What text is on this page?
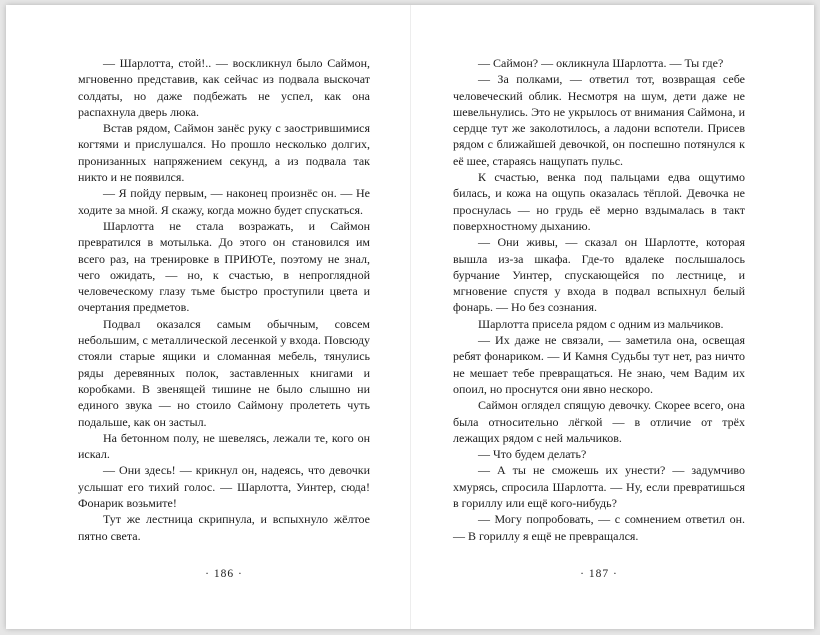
— Шарлотта, стой!.. — воскликнул было Саймон, мгновенно представив, как сейчас из подвала выскочат солдаты, но даже подбежать не успел, как она распахнула дверь люка.

Встав рядом, Саймон занёс руку с заострившимися когтями и прислушался. Но прошло несколько долгих, пронизанных напряжением секунд, а из подвала так никто и не появился.

— Я пойду первым, — наконец произнёс он. — Не ходите за мной. Я скажу, когда можно будет спускаться.

Шарлотта не стала возражать, и Саймон превратился в мотылька. До этого он становился им всего раз, на тренировке в ПРИЮТе, поэтому не знал, чего ожидать, — но, к счастью, в непроглядной человеческому глазу тьме быстро проступили цвета и очертания предметов.

Подвал оказался самым обычным, совсем небольшим, с металлической лесенкой у входа. Повсюду стояли старые ящики и сломанная мебель, тянулись ряды деревянных полок, заставленных книгами и коробками. В звенящей тишине не было слышно ни единого звука — но стоило Саймону пролететь чуть подальше, как он застыл.

На бетонном полу, не шевелясь, лежали те, кого он искал.

— Они здесь! — крикнул он, надеясь, что девочки услышат его тихий голос. — Шарлотта, Уинтер, сюда! Фонарик возьмите!

Тут же лестница скрипнула, и вспыхнуло жёлтое пятно света.

· 186 ·

— Саймон? — окликнула Шарлотта. — Ты где?

— За полками, — ответил тот, возвращая себе человеческий облик. Несмотря на шум, дети даже не шевельнулись. Это не укрылось от внимания Саймона, и сердце тут же заколотилось, а ладони вспотели. Присев рядом с ближайшей девочкой, он поспешно потянулся к её шее, стараясь нащупать пульс.

К счастью, венка под пальцами едва ощутимо билась, и кожа на ощупь оказалась тёплой. Девочка не проснулась — но грудь её мерно вздымалась в такт поверхностному дыханию.

— Они живы, — сказал он Шарлотте, которая вышла из-за шкафа. Где-то вдалеке послышалось бурчание Уинтер, спускающейся по лестнице, и мгновение спустя у входа в подвал вспыхнул белый фонарь. — Но без сознания.

Шарлотта присела рядом с одним из мальчиков.

— Их даже не связали, — заметила она, освещая ребят фонариком. — И Камня Судьбы тут нет, раз ничто не мешает тебе превращаться. Не знаю, чем Вадим их опоил, но проснутся они явно нескоро.

Саймон оглядел спящую девочку. Скорее всего, она была относительно лёгкой — в отличие от трёх лежащих рядом с ней мальчиков.

— Что будем делать?

— А ты не сможешь их унести? — задумчиво хмурясь, спросила Шарлотта. — Ну, если превратишься в гориллу или ещё кого-нибудь?

— Могу попробовать, — с сомнением ответил он. — В гориллу я ещё не превращался.

· 187 ·
